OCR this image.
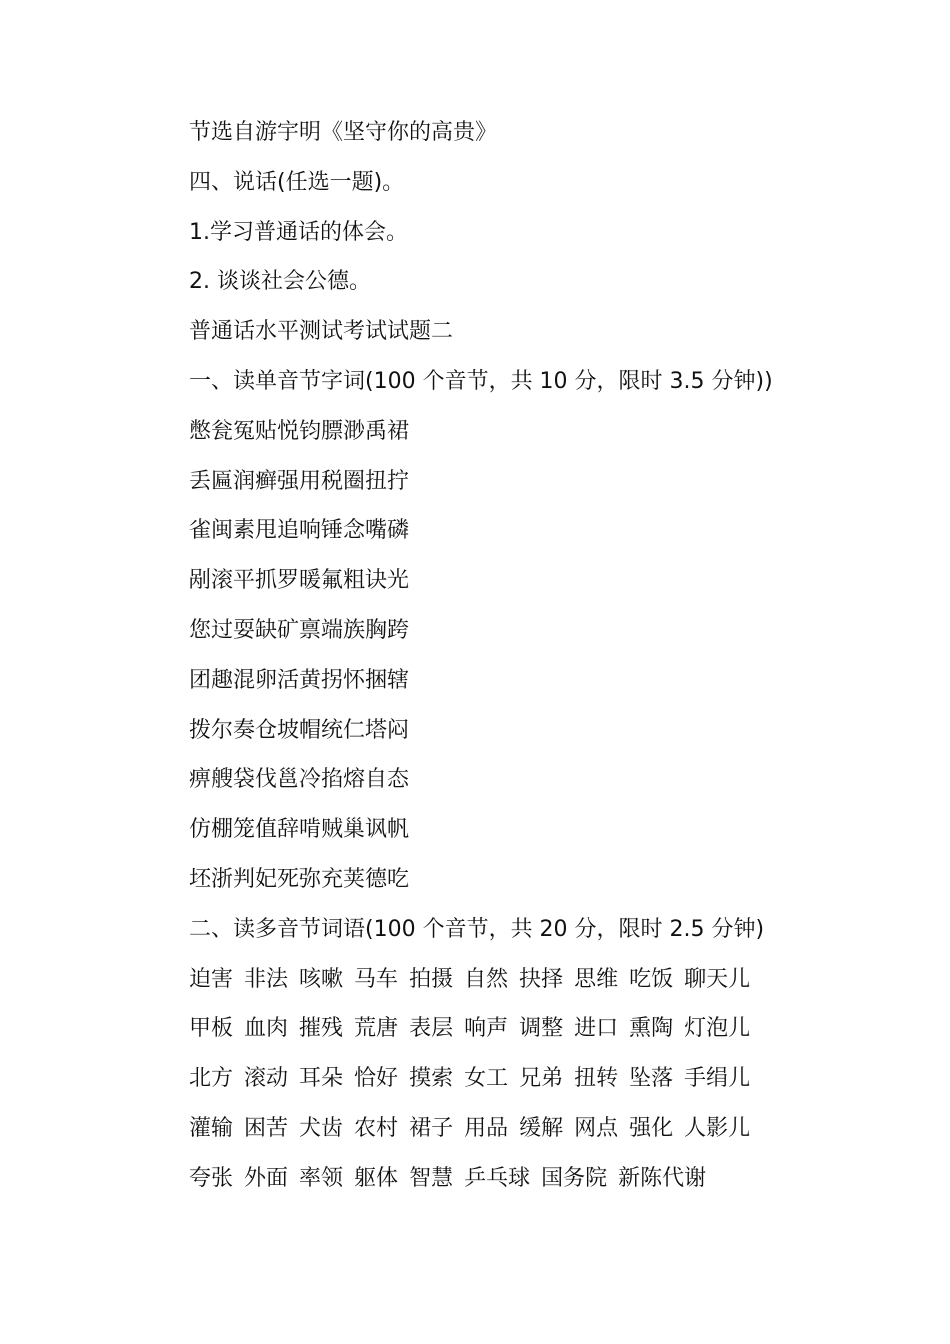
节选自游宇明《坚守你的高贵》
四、说话(任选一题)。
1.学习普通话的体会。
2. 谈谈社会公德。
普通话水平测试考试试题二
一、读单音节字词(100 个音节，共 10 分，限时 3.5 分钟))
憋瓮冤贴悦钧膘渺禹裙
丢匾润癣强用税圈扭拧
雀闽素甩追响锤念嘴磷
剐滚平抓罗暖氟粗诀光
您过耍缺矿禀端族胸跨
团趣混卵活黄拐怀捆辖
拨尔奏仓坡帽统仁塔闷
痹艘袋伐邕冷掐熔自态
仿棚笼值辞啃贼巢讽帆
坯浙判妃死弥充荚德吃
二、读多音节词语(100 个音节，共 20 分，限时 2.5 分钟)
迫害 非法 咳嗽 马车 拍摄 自然 抉择 思维 吃饭 聊天儿
甲板 血肉 摧残 荒唐 表层 响声 调整 进口 熏陶 灯泡儿
北方 滚动 耳朵 恰好 摸索 女工 兄弟 扭转 坠落 手绢儿
灌输 困苦 犬齿 农村 裙子 用品 缓解 网点 强化 人影儿
夸张 外面 率领 躯体 智慧 乒乓球 国务院 新陈代谢
